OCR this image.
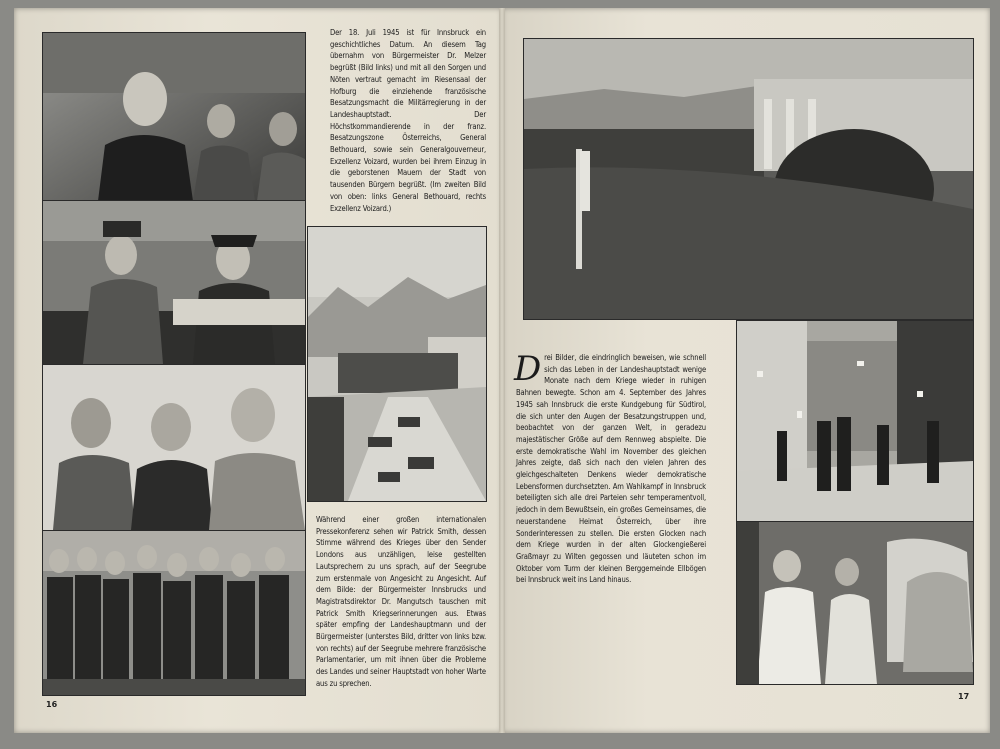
Der 18. Juli 1945 ist für Innsbruck ein geschichtliches Datum. An diesem Tag übernahm von Bürgermeister Dr. Melzer begrüßt (Bild links) und mit all den Sorgen und Nöten vertraut gemacht im Riesensaal der Hofburg die einziehende französische Besatzungsmacht die Militärregierung in der Landeshauptstadt. Der Höchstkommandierende in der franz. Besatzungszone Österreichs, General Bethouard, sowie sein Generalgouverneur, Exzellenz Voizard, wurden bei ihrem Einzug in die geborstenen Mauern der Stadt von tausenden Bürgern begrüßt. (Im zweiten Bild von oben: links General Bethouard, rechts Exzellenz Voizard.)

Während einer großen internationalen Pressekonferenz sehen wir Patrick Smith, dessen Stimme während des Krieges über den Sender Londons aus unzähligen, leise gestellten Lautsprechern zu uns sprach, auf der Seegrube zum erstenmale von Angesicht zu Angesicht. Auf dem Bilde: der Bürgermeister Innsbrucks und Magistratsdirektor Dr. Mangutsch tauschen mit Patrick Smith Kriegserinnerungen aus. Etwas später empfing der Landeshauptmann und der Bürgermeister (unterstes Bild, dritter von links bzw. von rechts) auf der Seegrube mehrere französische Parlamentarier, um mit ihnen über die Probleme des Landes und seiner Hauptstadt von hoher Warte aus zu sprechen.

16

Drei Bilder, die eindringlich beweisen, wie schnell sich das Leben in der Landeshauptstadt wenige Monate nach dem Kriege wieder in ruhigen Bahnen bewegte. Schon am 4. September des Jahres 1945 sah Innsbruck die erste Kundgebung für Südtirol, die sich unter den Augen der Besatzungstruppen und, beobachtet von der ganzen Welt, in geradezu majestätischer Größe auf dem Rennweg abspielte. Die erste demokratische Wahl im November des gleichen Jahres zeigte, daß sich nach den vielen Jahren des gleichgeschalteten Denkens wieder demokratische Lebensformen durchsetzten. Am Wahlkampf in Innsbruck beteiligten sich alle drei Parteien sehr temperamentvoll, jedoch in dem Bewußtsein, ein großes Gemeinsames, die neuerstandene Heimat Österreich, über ihre Sonderinteressen zu stellen. Die ersten Glocken nach dem Kriege wurden in der alten Glockengießerei Graßmayr zu Wilten gegossen und läuteten schon im Oktober vom Turm der kleinen Berggemeinde Ellbögen bei Innsbruck weit ins Land hinaus.

17
